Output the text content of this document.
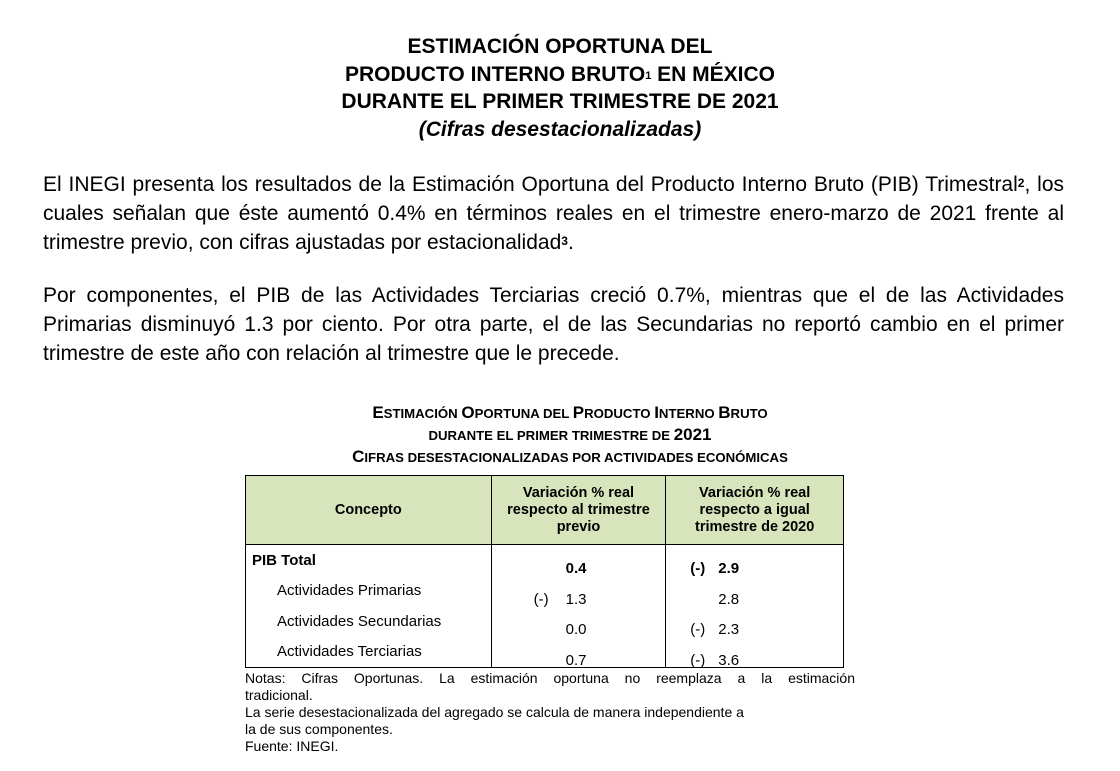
ESTIMACIÓN OPORTUNA DEL
PRODUCTO INTERNO BRUTO$^1$ EN MÉXICO
DURANTE EL PRIMER TRIMESTRE DE 2021
(Cifras desestacionalizadas)

El INEGI presenta los resultados de la Estimación Oportuna del Producto Interno Bruto (PIB) Trimestral$^2$, los cuales señalan que éste aumentó 0.4% en términos reales en el trimestre enero-marzo de 2021 frente al trimestre previo, con cifras ajustadas por estacionalidad$^3$.

Por componentes, el PIB de las Actividades Terciarias creció 0.7%, mientras que el de las Actividades Primarias disminuyó 1.3 por ciento. Por otra parte, el de las Secundarias no reportó cambio en el primer trimestre de este año con relación al trimestre que le precede.

ESTIMACIÓN OPORTUNA DEL PRODUCTO INTERNO BRUTO
DURANTE EL PRIMER TRIMESTRE DE 2021
CIFRAS DESESTACIONALIZADAS POR ACTIVIDADES ECONÓMICAS
Concepto	Variación % real respecto al trimestre previo	Variación % real respecto a igual trimestre de 2020
PIB Total	0.4	(-) 2.9

Actividades Primarias	(-) 1.3	2.8

Actividades Secundarias	0.0	(-) 2.3

Actividades Terciarias	0.7	(-) 3.6

Notas: Cifras Oportunas. La estimación oportuna no reemplaza a la estimación

tradicional.

La serie desestacionalizada del agregado se calcula de manera independiente a

la de sus componentes.

Fuente: INEGI.
